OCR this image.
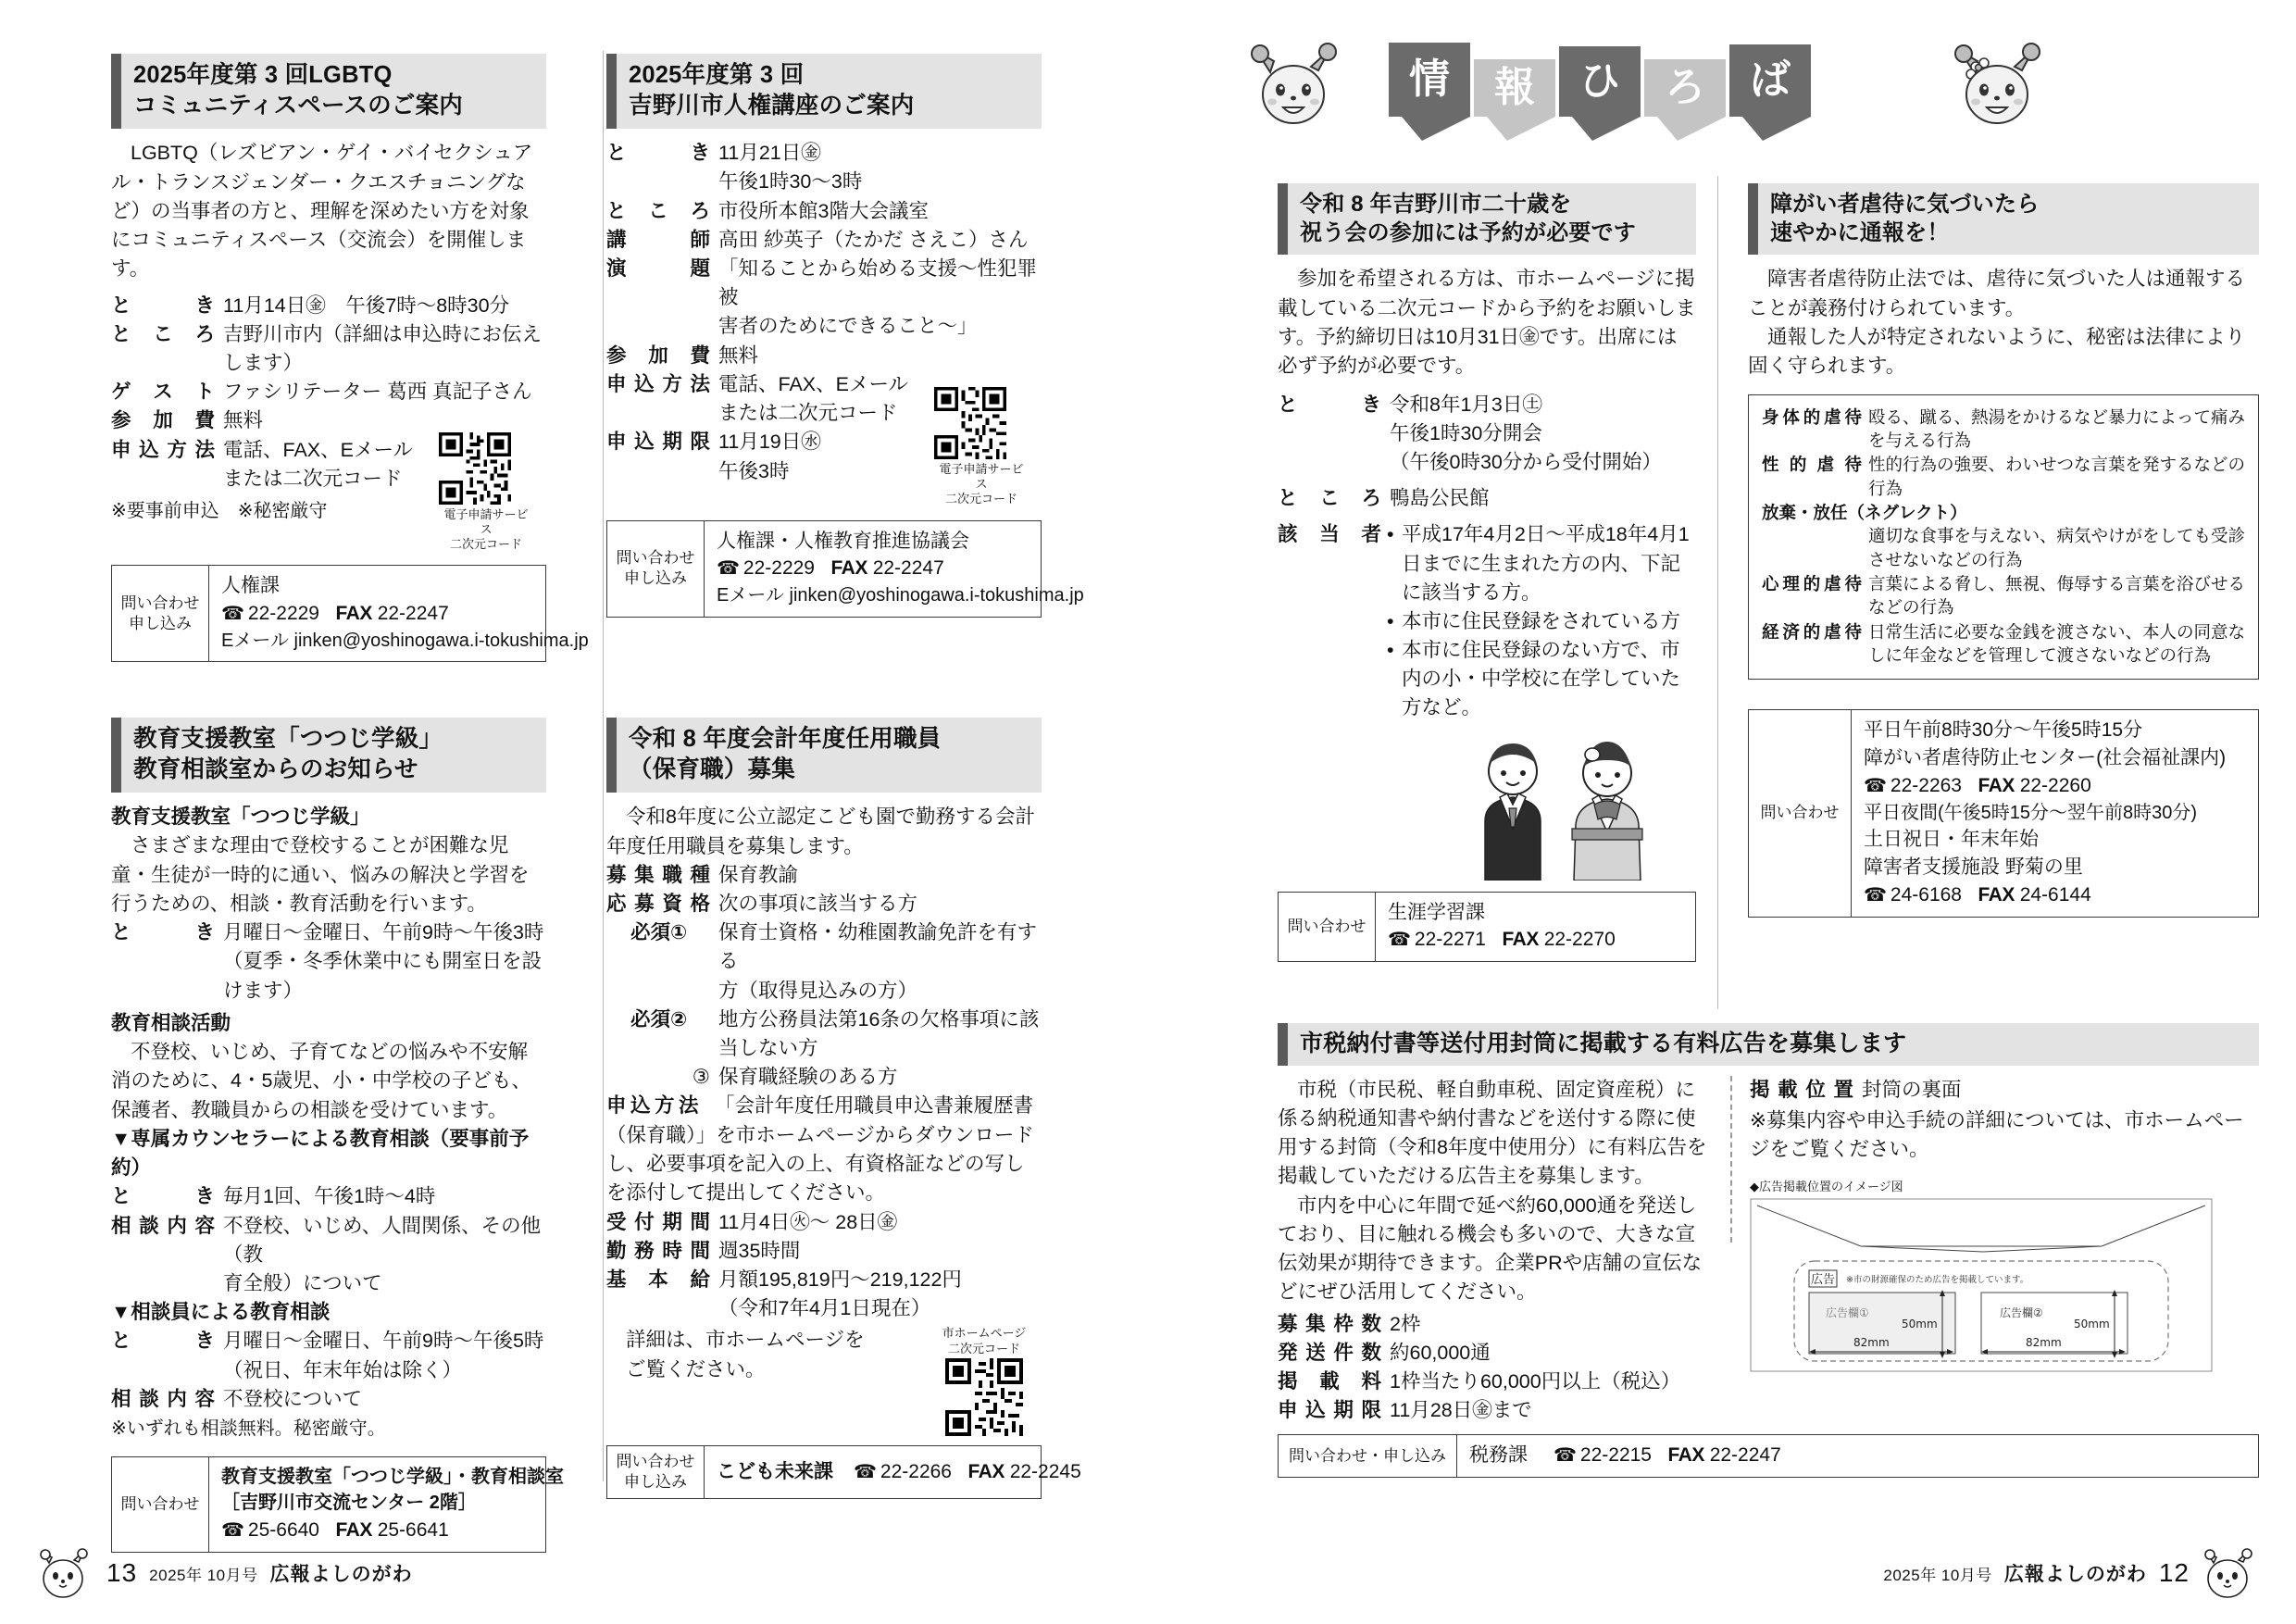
2025年度第 3 回LGBTQ
コミュニティスペースのご案内
LGBTQ（レズビアン・ゲイ・バイセクシュアル・トランスジェンダー・クエスチョニングなど）の当事者の方と、理解を深めたい方を対象にコミュニティスペース（交流会）を開催します。
と	き 11月14日㊎　午後7時〜8時30分
と こ ろ 吉野川市内（詳細は申込時にお伝えします）
ゲ ス ト ファシリテーター 葛西 真記子さん
参 加 費 無料
申 込 方 法 電話、FAX、Eメール
または二次元コード
※要事前申込　※秘密厳守	電子申請サービス
二次元コード
問い合わせ
申し込み
人権課
☎ 22-2229 FAX 22-2247
Eメール jinken@yoshinogawa.i-tokushima.jp
2025年度第 3 回
吉野川市人権講座のご案内
と	き 11月21日㊎
午後1時30〜3時
と こ ろ 市役所本館3階大会議室
講	師 高田 紗英子（たかだ さえこ）さん
演	題 「知ることから始める支援〜性犯罪被
害者のためにできること〜」
参 加 費 無料
申 込 方 法 電話、FAX、Eメール
または二次元コード
申 込 期 限 11月19日㊌
午後3時	電子申請サービス
二次元コード
問い合わせ
申し込み
人権課・人権教育推進協議会
☎ 22-2229 FAX 22-2247
Eメール jinken@yoshinogawa.i-tokushima.jp
教育支援教室「つつじ学級」
教育相談室からのお知らせ
教育支援教室「つつじ学級」
さまざまな理由で登校することが困難な児童・生徒が一時的に通い、悩みの解決と学習を行うための、相談・教育活動を行います。
と	き 月曜日〜金曜日、午前9時〜午後3時
（夏季・冬季休業中にも開室日を設けます）
教育相談活動
不登校、いじめ、子育てなどの悩みや不安解消のために、4・5歳児、小・中学校の子ども、保護者、教職員からの相談を受けています。
▼専属カウンセラーによる教育相談（要事前予約）
と	き 毎月1回、午後1時〜4時
相 談 内 容 不登校、いじめ、人間関係、その他（教
育全般）について
▼相談員による教育相談
と	き 月曜日〜金曜日、午前9時〜午後5時
（祝日、年末年始は除く）
相 談 内 容 不登校について
※いずれも相談無料。秘密厳守。
問い合わせ
教育支援教室「つつじ学級」・教育相談室
［吉野川市交流センター 2階］
☎ 25-6640 FAX 25-6641
令和 8 年度会計年度任用職員
（保育職）募集
令和8年度に公立認定こども園で勤務する会計年度任用職員を募集します。
募 集 職 種 保育教諭
応 募 資 格 次の事項に該当する方
必須①	保育士資格・幼稚園教諭免許を有する
方（取得見込みの方）
必須②	地方公務員法第16条の欠格事項に該
当しない方
③ 保育職経験のある方
申込方法 「会計年度任用職員申込書兼履歴書（保育職）」を市ホームページからダウンロードし、必要事項を記入の上、有資格証などの写しを添付して提出してください。
受 付 期 間 11月4日㊋〜 28日㊎
勤 務 時 間 週35時間
基 本 給 月額195,819円〜219,122円
（令和7年4月1日現在）
詳細は、市ホームページを
ご覧ください。
市ホームページ
二次元コード
問い合わせ
申し込み こども未来課 ☎	22-2266 FAX 22-2245
13 2025年 10月号 広報よしのがわ
情 報 ひ ろ ば
令和 8 年吉野川市二十歳を
祝う会の参加には予約が必要です
参加を希望される方は、市ホームページに掲載している二次元コードから予約をお願いします。予約締切日は10月31日㊎です。出席には必ず予約が必要です。
と	き 令和8年1月3日㊏
午後1時30分開会
（午後0時30分から受付開始）
と こ ろ 鴨島公民館
該 当 者 • 平成17年4月2日〜平成18年4月1日までに生まれた方の内、下記に該当する方。
• 本市に住民登録をされている方
• 本市に住民登録のない方で、市内の小・中学校に在学していた方など。
問い合わせ
生涯学習課
☎ 22-2271 FAX 22-2270
障がい者虐待に気づいたら
速やかに通報を！
障害者虐待防止法では、虐待に気づいた人は通報することが義務付けられています。
通報した人が特定されないように、秘密は法律により固く守られます。
身 体 的 虐 待 殴る、蹴る、熱湯をかけるなど暴力によって痛みを与える行為
性 的 虐 待 性的行為の強要、わいせつな言葉を発するなどの行為
放棄・放任（ネグレクト）
適切な食事を与えない、病気やけがをしても受診させないなどの行為
心 理 的 虐 待 言葉による脅し、無視、侮辱する言葉を浴びせるなどの行為
経 済 的 虐 待 日常生活に必要な金銭を渡さない、本人の同意なしに年金などを管理して渡さないなどの行為
問い合わせ
平日午前8時30分〜午後5時15分
障がい者虐待防止センター(社会福祉課内)
☎ 22-2263 FAX 22-2260
平日夜間(午後5時15分〜翌午前8時30分)
土日祝日・年末年始
障害者支援施設 野菊の里
☎ 24-6168 FAX 24-6144
市税納付書等送付用封筒に掲載する有料広告を募集します
市税（市民税、軽自動車税、固定資産税）に係る納税通知書や納付書などを送付する際に使用する封筒（令和8年度中使用分）に有料広告を掲載していただける広告主を募集します。
市内を中心に年間で延べ約60,000通を発送しており、目に触れる機会も多いので、大きな宣伝効果が期待できます。企業PRや店舗の宣伝などにぜひ活用してください。
募 集 枠 数 2枠
発 送 件 数 約60,000通
掲 載 料 1枠当たり60,000円以上（税込）
申 込 期 限 11月28日㊎まで
掲 載 位 置 封筒の裏面
※募集内容や申込手続の詳細については、市ホームページをご覧ください。
◆広告掲載位置のイメージ図
広告 ※市の財源確保のため広告を掲載しています。
広告欄①
50mm
82mm
広告欄②
50mm
82mm
問い合わせ・申し込み 税務課 ☎	22-2215 FAX 22-2247
2025年 10月号 広報よしのがわ 12
